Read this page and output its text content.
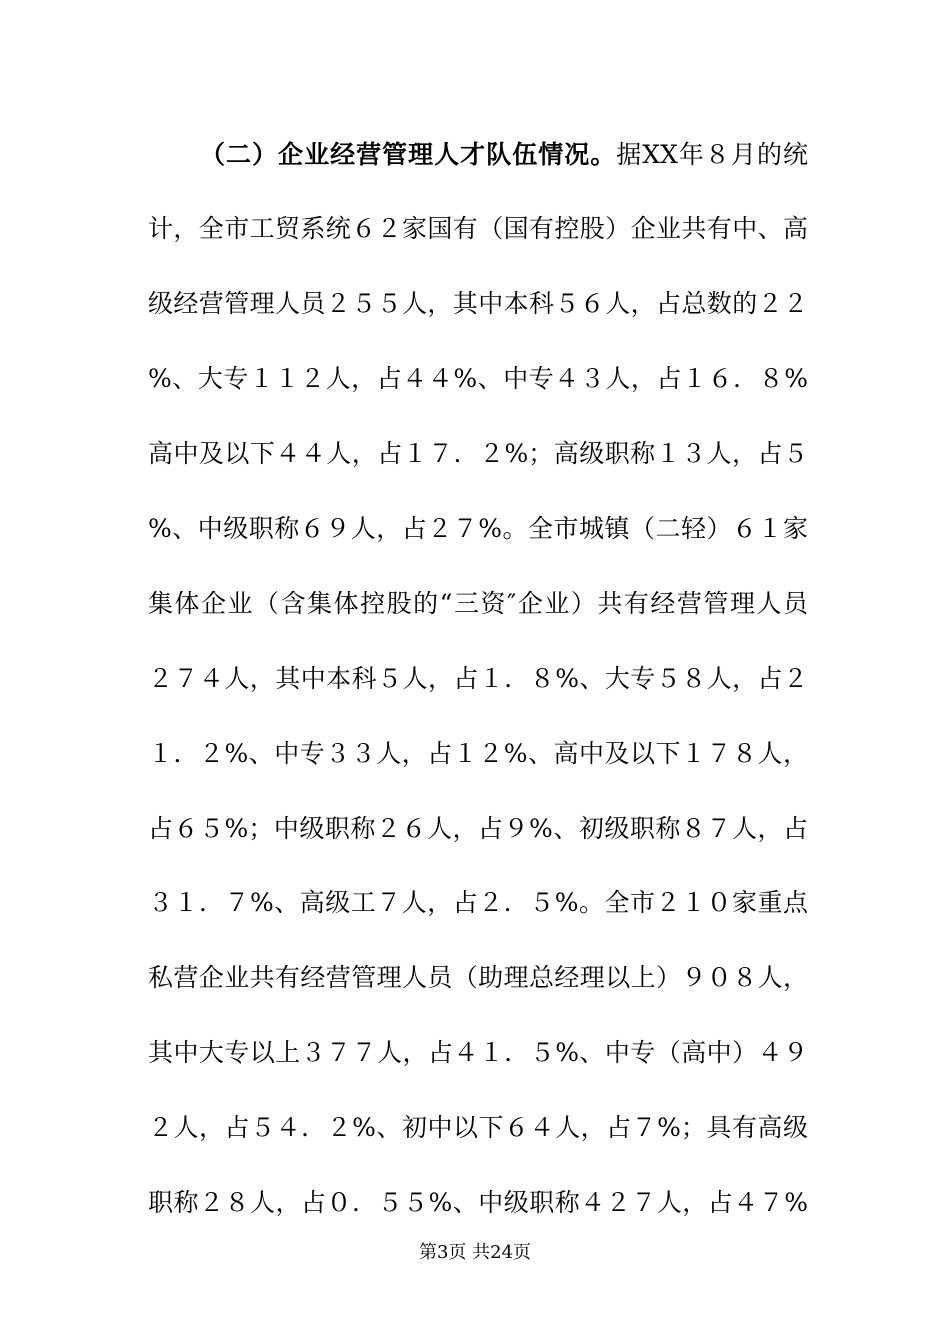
（二）企业经营管理人才队伍情况。据XX年８月的统
计，全市工贸系统６２家国有（国有控股）企业共有中、高
级经营管理人员２５５人，其中本科５６人，占总数的２２
%、大专１１２人，占４４%、中专４３人，占１６．８%
高中及以下４４人，占１７．２%；高级职称１３人，占５
%、中级职称６９人，占２７%。全市城镇（二轻）６１家
集体企业（含集体控股的“三资″企业）共有经营管理人员
２７４人，其中本科５人，占１．８%、大专５８人，占２
１．２%、中专３３人，占１２%、高中及以下１７８人，
占６５%；中级职称２６人，占９%、初级职称８７人，占
３１．７%、高级工７人，占２．５%。全市２１０家重点
私营企业共有经营管理人员（助理总经理以上）９０８人，
其中大专以上３７７人，占４１．５%、中专（高中）４９
２人，占５４．２%、初中以下６４人，占７%；具有高级
职称２８人，占０．５５%、中级职称４２７人，占４７%
第3页 共24页
